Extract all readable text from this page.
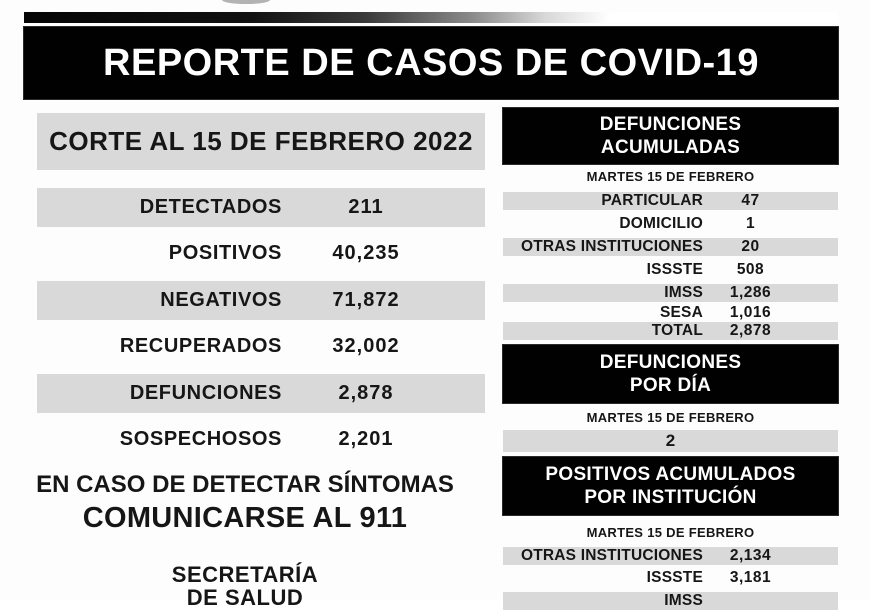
REPORTE DE CASOS DE COVID-19
CORTE AL 15 DE FEBRERO 2022
DETECTADOS	211
POSITIVOS	40,235
NEGATIVOS	71,872
RECUPERADOS	32,002
DEFUNCIONES	2,878
SOSPECHOSOS	2,201
EN CASO DE DETECTAR SÍNTOMAS
COMUNICARSE AL 911
SECRETARÍA
DE SALUD
DEFUNCIONES
ACUMULADAS
MARTES 15 DE FEBRERO
PARTICULAR	47
DOMICILIO	1
OTRAS INSTITUCIONES	20
ISSSTE	508
IMSS	1,286
SESA	1,016
TOTAL	2,878
DEFUNCIONES
POR DÍA
MARTES 15 DE FEBRERO
2
POSITIVOS ACUMULADOS
POR INSTITUCIÓN
MARTES 15 DE FEBRERO
OTRAS INSTITUCIONES	2,134
ISSSTE	3,181
IMSS
